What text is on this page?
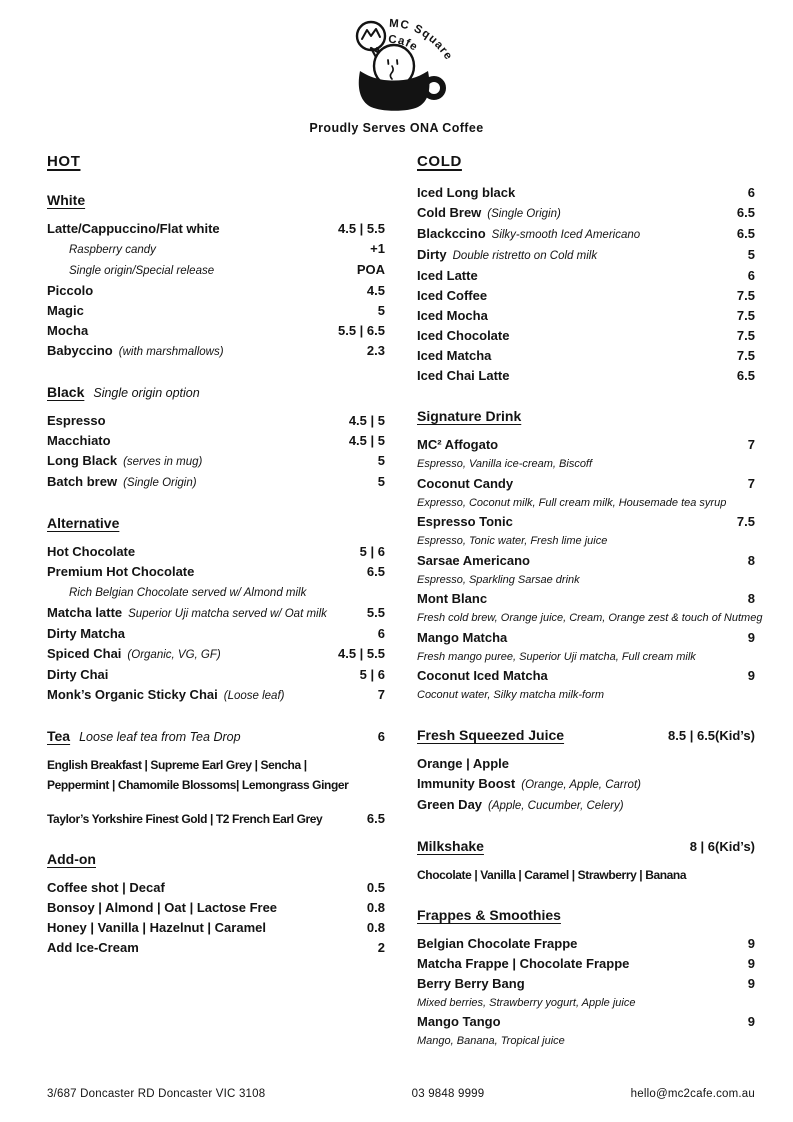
MC Square
Cafe
Proudly Serves ONA Coffee
HOT
White
Latte/Cappuccino/Flat white	4.5 | 5.5
Raspberry candy	+1
Single origin/Special release	POA
Piccolo	4.5
Magic	5
Mocha	5.5 | 6.5
Babyccino (with marshmallows)	2.3
Black Single origin option
Espresso	4.5 | 5
Macchiato	4.5 | 5
Long Black (serves in mug)	5
Batch brew (Single Origin)	5
Alternative
Hot Chocolate	5 | 6
Premium Hot Chocolate	6.5
Rich Belgian Chocolate served w/ Almond milk
Matcha latte Superior Uji matcha served w/ Oat milk	5.5
Dirty Matcha	6
Spiced Chai (Organic, VG, GF)	4.5 | 5.5
Dirty Chai	5 | 6
Monk’s Organic Sticky Chai (Loose leaf)	7
Tea Loose leaf tea from Tea Drop	6
English Breakfast | Supreme Earl Grey | Sencha |
Peppermint | Chamomile Blossoms| Lemongrass Ginger
Taylor’s Yorkshire Finest Gold | T2 French Earl Grey	6.5
Add-on
Coffee shot | Decaf	0.5
Bonsoy | Almond | Oat | Lactose Free	0.8
Honey | Vanilla | Hazelnut | Caramel	0.8
Add Ice-Cream	2
COLD
Iced Long black	6
Cold Brew (Single Origin)	6.5
Blackccino Silky-smooth Iced Americano	6.5
Dirty Double ristretto on Cold milk	5
Iced Latte	6
Iced Coffee	7.5
Iced Mocha	7.5
Iced Chocolate	7.5
Iced Matcha	7.5
Iced Chai Latte	6.5
Signature Drink
MC² Affogato	7
Espresso, Vanilla ice-cream, Biscoff
Coconut Candy	7
Expresso, Coconut milk, Full cream milk, Housemade tea syrup
Espresso Tonic	7.5
Espresso, Tonic water, Fresh lime juice
Sarsae Americano	8
Espresso, Sparkling Sarsae drink
Mont Blanc	8
Fresh cold brew, Orange juice, Cream, Orange zest & touch of Nutmeg
Mango Matcha	9
Fresh mango puree, Superior Uji matcha, Full cream milk
Coconut Iced Matcha	9
Coconut water, Silky matcha milk-form
Fresh Squeezed Juice	8.5 | 6.5(Kid’s)
Orange | Apple
Immunity Boost (Orange, Apple, Carrot)
Green Day (Apple, Cucumber, Celery)
Milkshake	8 | 6(Kid’s)
Chocolate | Vanilla | Caramel | Strawberry | Banana
Frappes & Smoothies
Belgian Chocolate Frappe	9
Matcha Frappe | Chocolate Frappe	9
Berry Berry Bang	9
Mixed berries, Strawberry yogurt, Apple juice
Mango Tango	9
Mango, Banana, Tropical juice
3/687 Doncaster RD Doncaster VIC 3108	03 9848 9999	hello@mc2cafe.com.au
